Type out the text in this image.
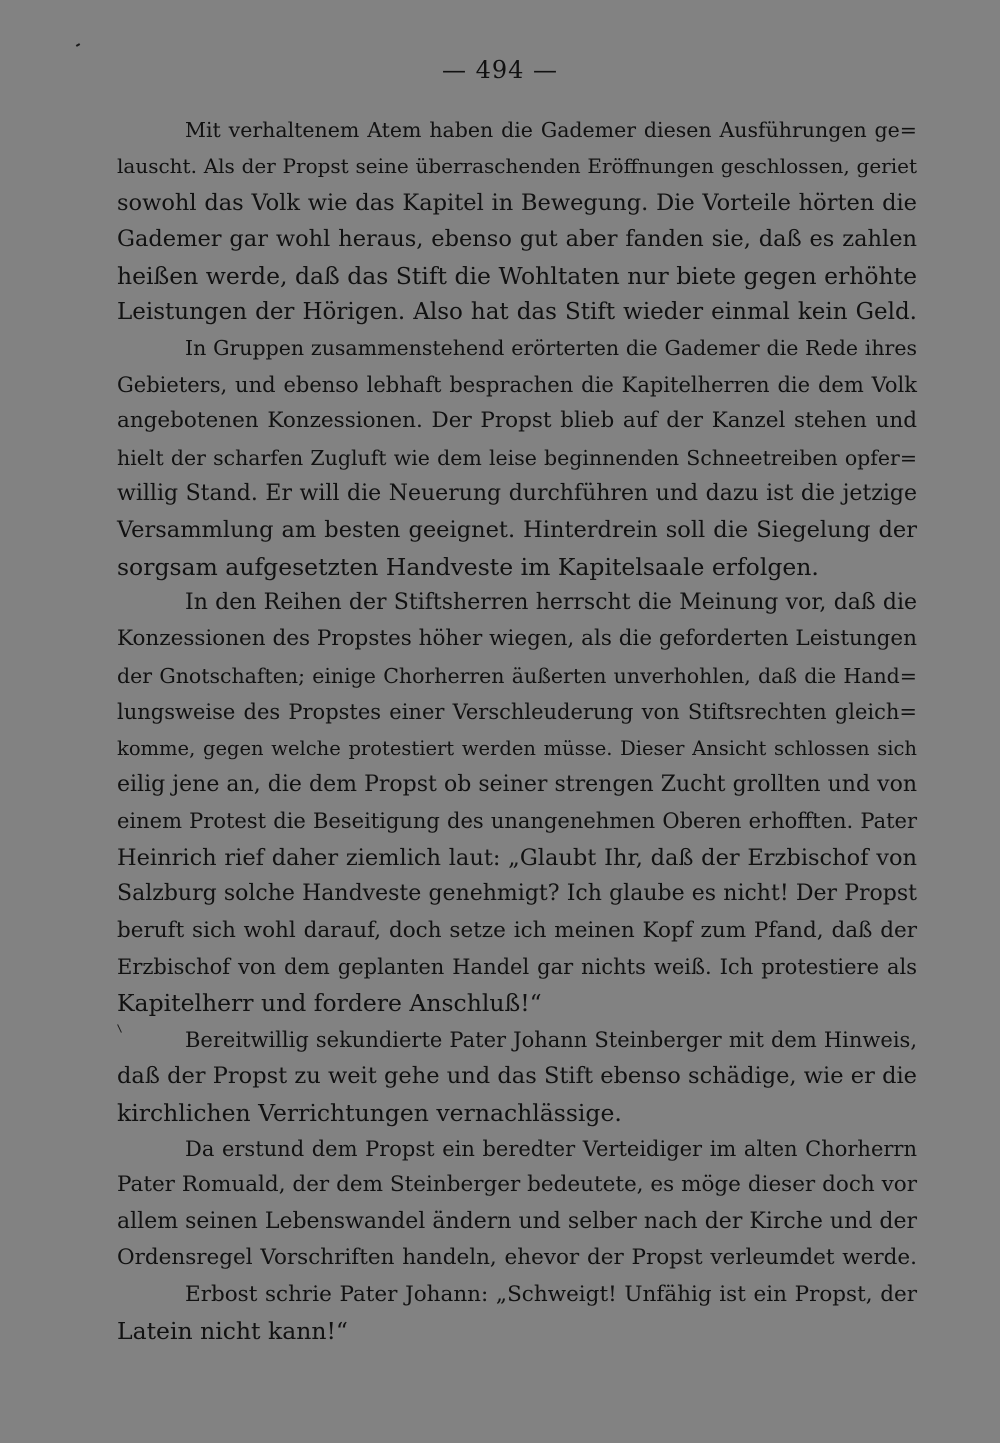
— 494 —
Mit verhaltenem Atem haben die Gademer diesen Ausführungen ge=
lauscht. Als der Propst seine überraschenden Eröffnungen geschlossen, geriet
sowohl das Volk wie das Kapitel in Bewegung. Die Vorteile hörten die
Gademer gar wohl heraus, ebenso gut aber fanden sie, daß es zahlen
heißen werde, daß das Stift die Wohltaten nur biete gegen erhöhte
Leistungen der Hörigen. Also hat das Stift wieder einmal kein Geld.
In Gruppen zusammenstehend erörterten die Gademer die Rede ihres
Gebieters, und ebenso lebhaft besprachen die Kapitelherren die dem Volk
angebotenen Konzessionen. Der Propst blieb auf der Kanzel stehen und
hielt der scharfen Zugluft wie dem leise beginnenden Schneetreiben opfer=
willig Stand. Er will die Neuerung durchführen und dazu ist die jetzige
Versammlung am besten geeignet. Hinterdrein soll die Siegelung der
sorgsam aufgesetzten Handveste im Kapitelsaale erfolgen.
In den Reihen der Stiftsherren herrscht die Meinung vor, daß die
Konzessionen des Propstes höher wiegen, als die geforderten Leistungen
der Gnotschaften; einige Chorherren äußerten unverhohlen, daß die Hand=
lungsweise des Propstes einer Verschleuderung von Stiftsrechten gleich=
komme, gegen welche protestiert werden müsse. Dieser Ansicht schlossen sich
eilig jene an, die dem Propst ob seiner strengen Zucht grollten und von
einem Protest die Beseitigung des unangenehmen Oberen erhofften. Pater
Heinrich rief daher ziemlich laut: „Glaubt Ihr, daß der Erzbischof von
Salzburg solche Handveste genehmigt? Ich glaube es nicht! Der Propst
beruft sich wohl darauf, doch setze ich meinen Kopf zum Pfand, daß der
Erzbischof von dem geplanten Handel gar nichts weiß. Ich protestiere als
Kapitelherr und fordere Anschluß!“
Bereitwillig sekundierte Pater Johann Steinberger mit dem Hinweis,
daß der Propst zu weit gehe und das Stift ebenso schädige, wie er die
kirchlichen Verrichtungen vernachlässige.
Da erstund dem Propst ein beredter Verteidiger im alten Chorherrn
Pater Romuald, der dem Steinberger bedeutete, es möge dieser doch vor
allem seinen Lebenswandel ändern und selber nach der Kirche und der
Ordensregel Vorschriften handeln, ehevor der Propst verleumdet werde.
Erbost schrie Pater Johann: „Schweigt! Unfähig ist ein Propst, der
Latein nicht kann!“
